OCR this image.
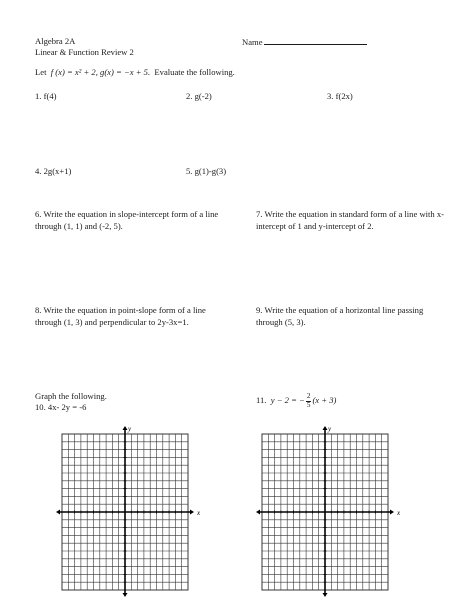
Algebra 2A
Linear & Function Review 2
Name
Let f (x) = x² + 2, g(x) = −x + 5. Evaluate the following.
1. f(4)	2. g(-2)	3. f(2x)
4. 2g(x+1)	5. g(1)-g(3)
6. Write the equation in slope-intercept form of a line through (1, 1) and (-2, 5).
7. Write the equation in standard form of a line with x-intercept of 1 and y-intercept of 2.
8. Write the equation in point-slope form of a line through (1, 3) and perpendicular to 2y-3x=1.
9. Write the equation of a horizontal line passing through (5, 3).
Graph the following.
10. 4x- 2y = -6
11. y − 2 = − $\frac{2}{5} (x + 3)$
x
y
x
y
